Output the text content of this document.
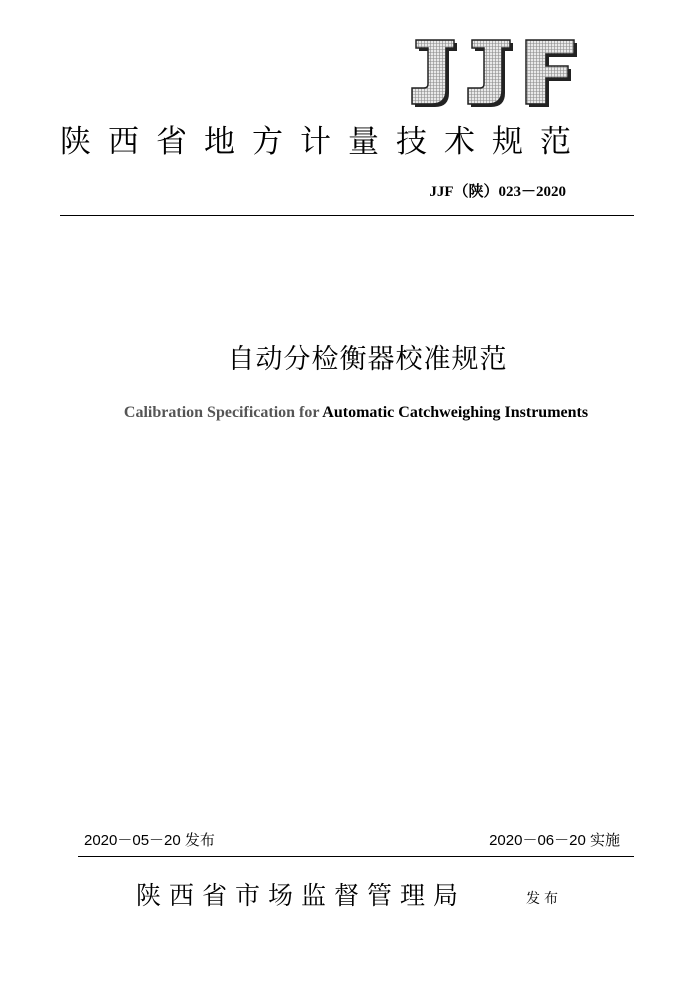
陕西省地方计量技术规范
JJF（陕）023－2020
自动分检衡器校准规范
Calibration Specification for Automatic Catchweighing Instruments
2020－05－20 发布	2020－06－20 实施
陕西省市场监督管理局	发布
